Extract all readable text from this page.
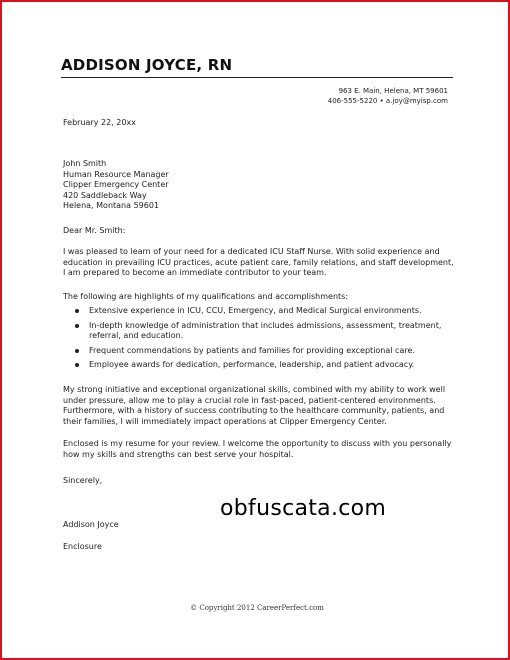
ADDISON JOYCE, RN
963 E. Main, Helena, MT 59601
406-555-5220 • a.joy@myisp.com
February 22, 20xx
John Smith
Human Resource Manager
Clipper Emergency Center
420 Saddleback Way
Helena, Montana 59601
Dear Mr. Smith:
I was pleased to learn of your need for a dedicated ICU Staff Nurse. With solid experience and
education in prevailing ICU practices, acute patient care, family relations, and staff development,
I am prepared to become an immediate contributor to your team.
The following are highlights of my qualifications and accomplishments:
Extensive experience in ICU, CCU, Emergency, and Medical Surgical environments.
In-depth knowledge of administration that includes admissions, assessment, treatment,
referral, and education.
Frequent commendations by patients and families for providing exceptional care.
Employee awards for dedication, performance, leadership, and patient advocacy.
My strong initiative and exceptional organizational skills, combined with my ability to work well
under pressure, allow me to play a crucial role in fast-paced, patient-centered environments.
Furthermore, with a history of success contributing to the healthcare community, patients, and
their families, I will immediately impact operations at Clipper Emergency Center.
Enclosed is my resume for your review. I welcome the opportunity to discuss with you personally
how my skills and strengths can best serve your hospital.
Sincerely,
obfuscata.com
Addison Joyce
Enclosure
© Copyright 2012 CareerPerfect.com
